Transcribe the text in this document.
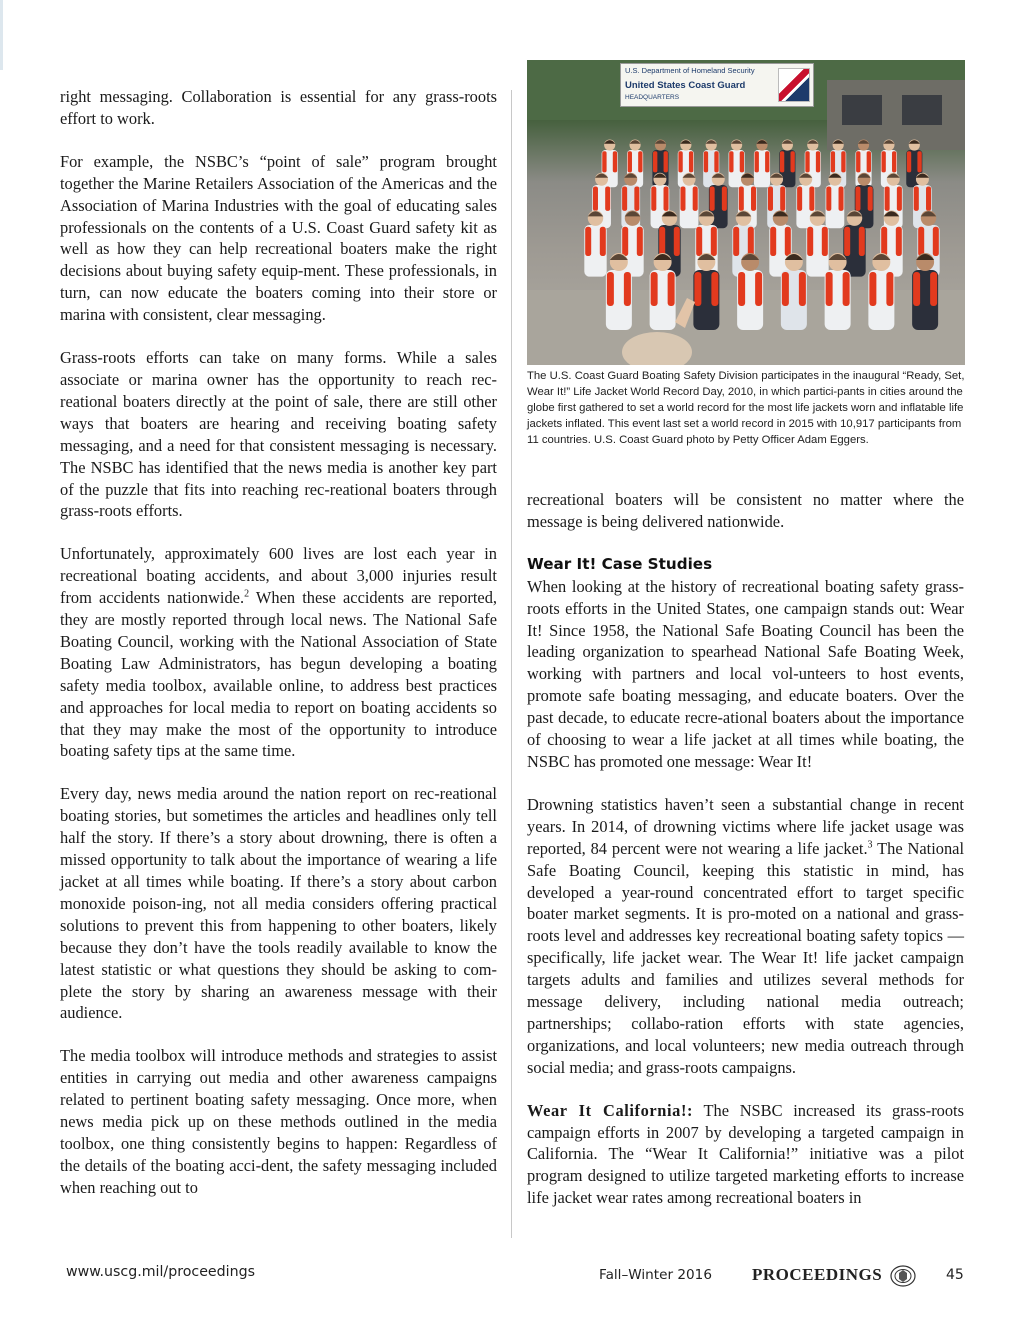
right messaging. Collaboration is essential for any grass-roots effort to work.

For example, the NSBC’s “point of sale” program brought together the Marine Retailers Association of the Americas and the Association of Marina Industries with the goal of educating sales professionals on the contents of a U.S. Coast Guard safety kit as well as how they can help recreational boaters make the right decisions about buying safety equip-ment. These professionals, in turn, can now educate the boaters coming into their store or marina with consistent, clear messaging.

Grass-roots efforts can take on many forms. While a sales associate or marina owner has the opportunity to reach rec-reational boaters directly at the point of sale, there are still other ways that boaters are hearing and receiving boating safety messaging, and a need for that consistent messaging is necessary. The NSBC has identified that the news media is another key part of the puzzle that fits into reaching rec-reational boaters through grass-roots efforts.

Unfortunately, approximately 600 lives are lost each year in recreational boating accidents, and about 3,000 injuries result from accidents nationwide.$^2$ When these accidents are reported, they are mostly reported through local news. The National Safe Boating Council, working with the National Association of State Boating Law Administrators, has begun developing a boating safety media toolbox, available online, to address best practices and approaches for local media to report on boating accidents so that they may make the most of the opportunity to introduce boating safety tips at the same time.

Every day, news media around the nation report on rec-reational boating stories, but sometimes the articles and headlines only tell half the story. If there’s a story about drowning, there is often a missed opportunity to talk about the importance of wearing a life jacket at all times while boating. If there’s a story about carbon monoxide poison-ing, not all media considers offering practical solutions to prevent this from happening to other boaters, likely because they don’t have the tools readily available to know the latest statistic or what questions they should be asking to com-plete the story by sharing an awareness message with their audience.

The media toolbox will introduce methods and strategies to assist entities in carrying out media and other awareness campaigns related to pertinent boating safety messaging. Once more, when news media pick up on these methods outlined in the media toolbox, one thing consistently begins to happen: Regardless of the details of the boating acci-dent, the safety messaging included when reaching out to

U.S. Department of Homeland Security
United States Coast Guard
HEADQUARTERS
The U.S. Coast Guard Boating Safety Division participates in the inaugural “Ready, Set, Wear It!” Life Jacket World Record Day, 2010, in which partici-pants in cities around the globe first gathered to set a world record for the most life jackets worn and inflatable life jackets inflated. This event last set a world record in 2015 with 10,917 participants from 11 countries. U.S. Coast Guard photo by Petty Officer Adam Eggers.

recreational boaters will be consistent no matter where the message is being delivered nationwide.

Wear It! Case Studies

When looking at the history of recreational boating safety grass-roots efforts in the United States, one campaign stands out: Wear It! Since 1958, the National Safe Boating Council has been the leading organization to spearhead National Safe Boating Week, working with partners and local vol-unteers to host events, promote safe boating messaging, and educate boaters. Over the past decade, to educate recre-ational boaters about the importance of choosing to wear a life jacket at all times while boating, the NSBC has promoted one message: Wear It!

Drowning statistics haven’t seen a substantial change in recent years. In 2014, of drowning victims where life jacket usage was reported, 84 percent were not wearing a life jacket.$^3$ The National Safe Boating Council, keeping this statistic in mind, has developed a year-round concentrated effort to target specific boater market segments. It is pro-moted on a national and grass-roots level and addresses key recreational boating safety topics — specifically, life jacket wear. The Wear It! life jacket campaign targets adults and families and utilizes several methods for message delivery, including national media outreach; partnerships; collabo-ration efforts with state agencies, organizations, and local volunteers; new media outreach through social media; and grass-roots campaigns.

Wear It California!: The NSBC increased its grass-roots campaign efforts in 2007 by developing a targeted campaign in California. The “Wear It California!” initiative was a pilot program designed to utilize targeted marketing efforts to increase life jacket wear rates among recreational boaters in

www.uscg.mil/proceedings	Fall–Winter 2016 PROCEEDINGS	45
